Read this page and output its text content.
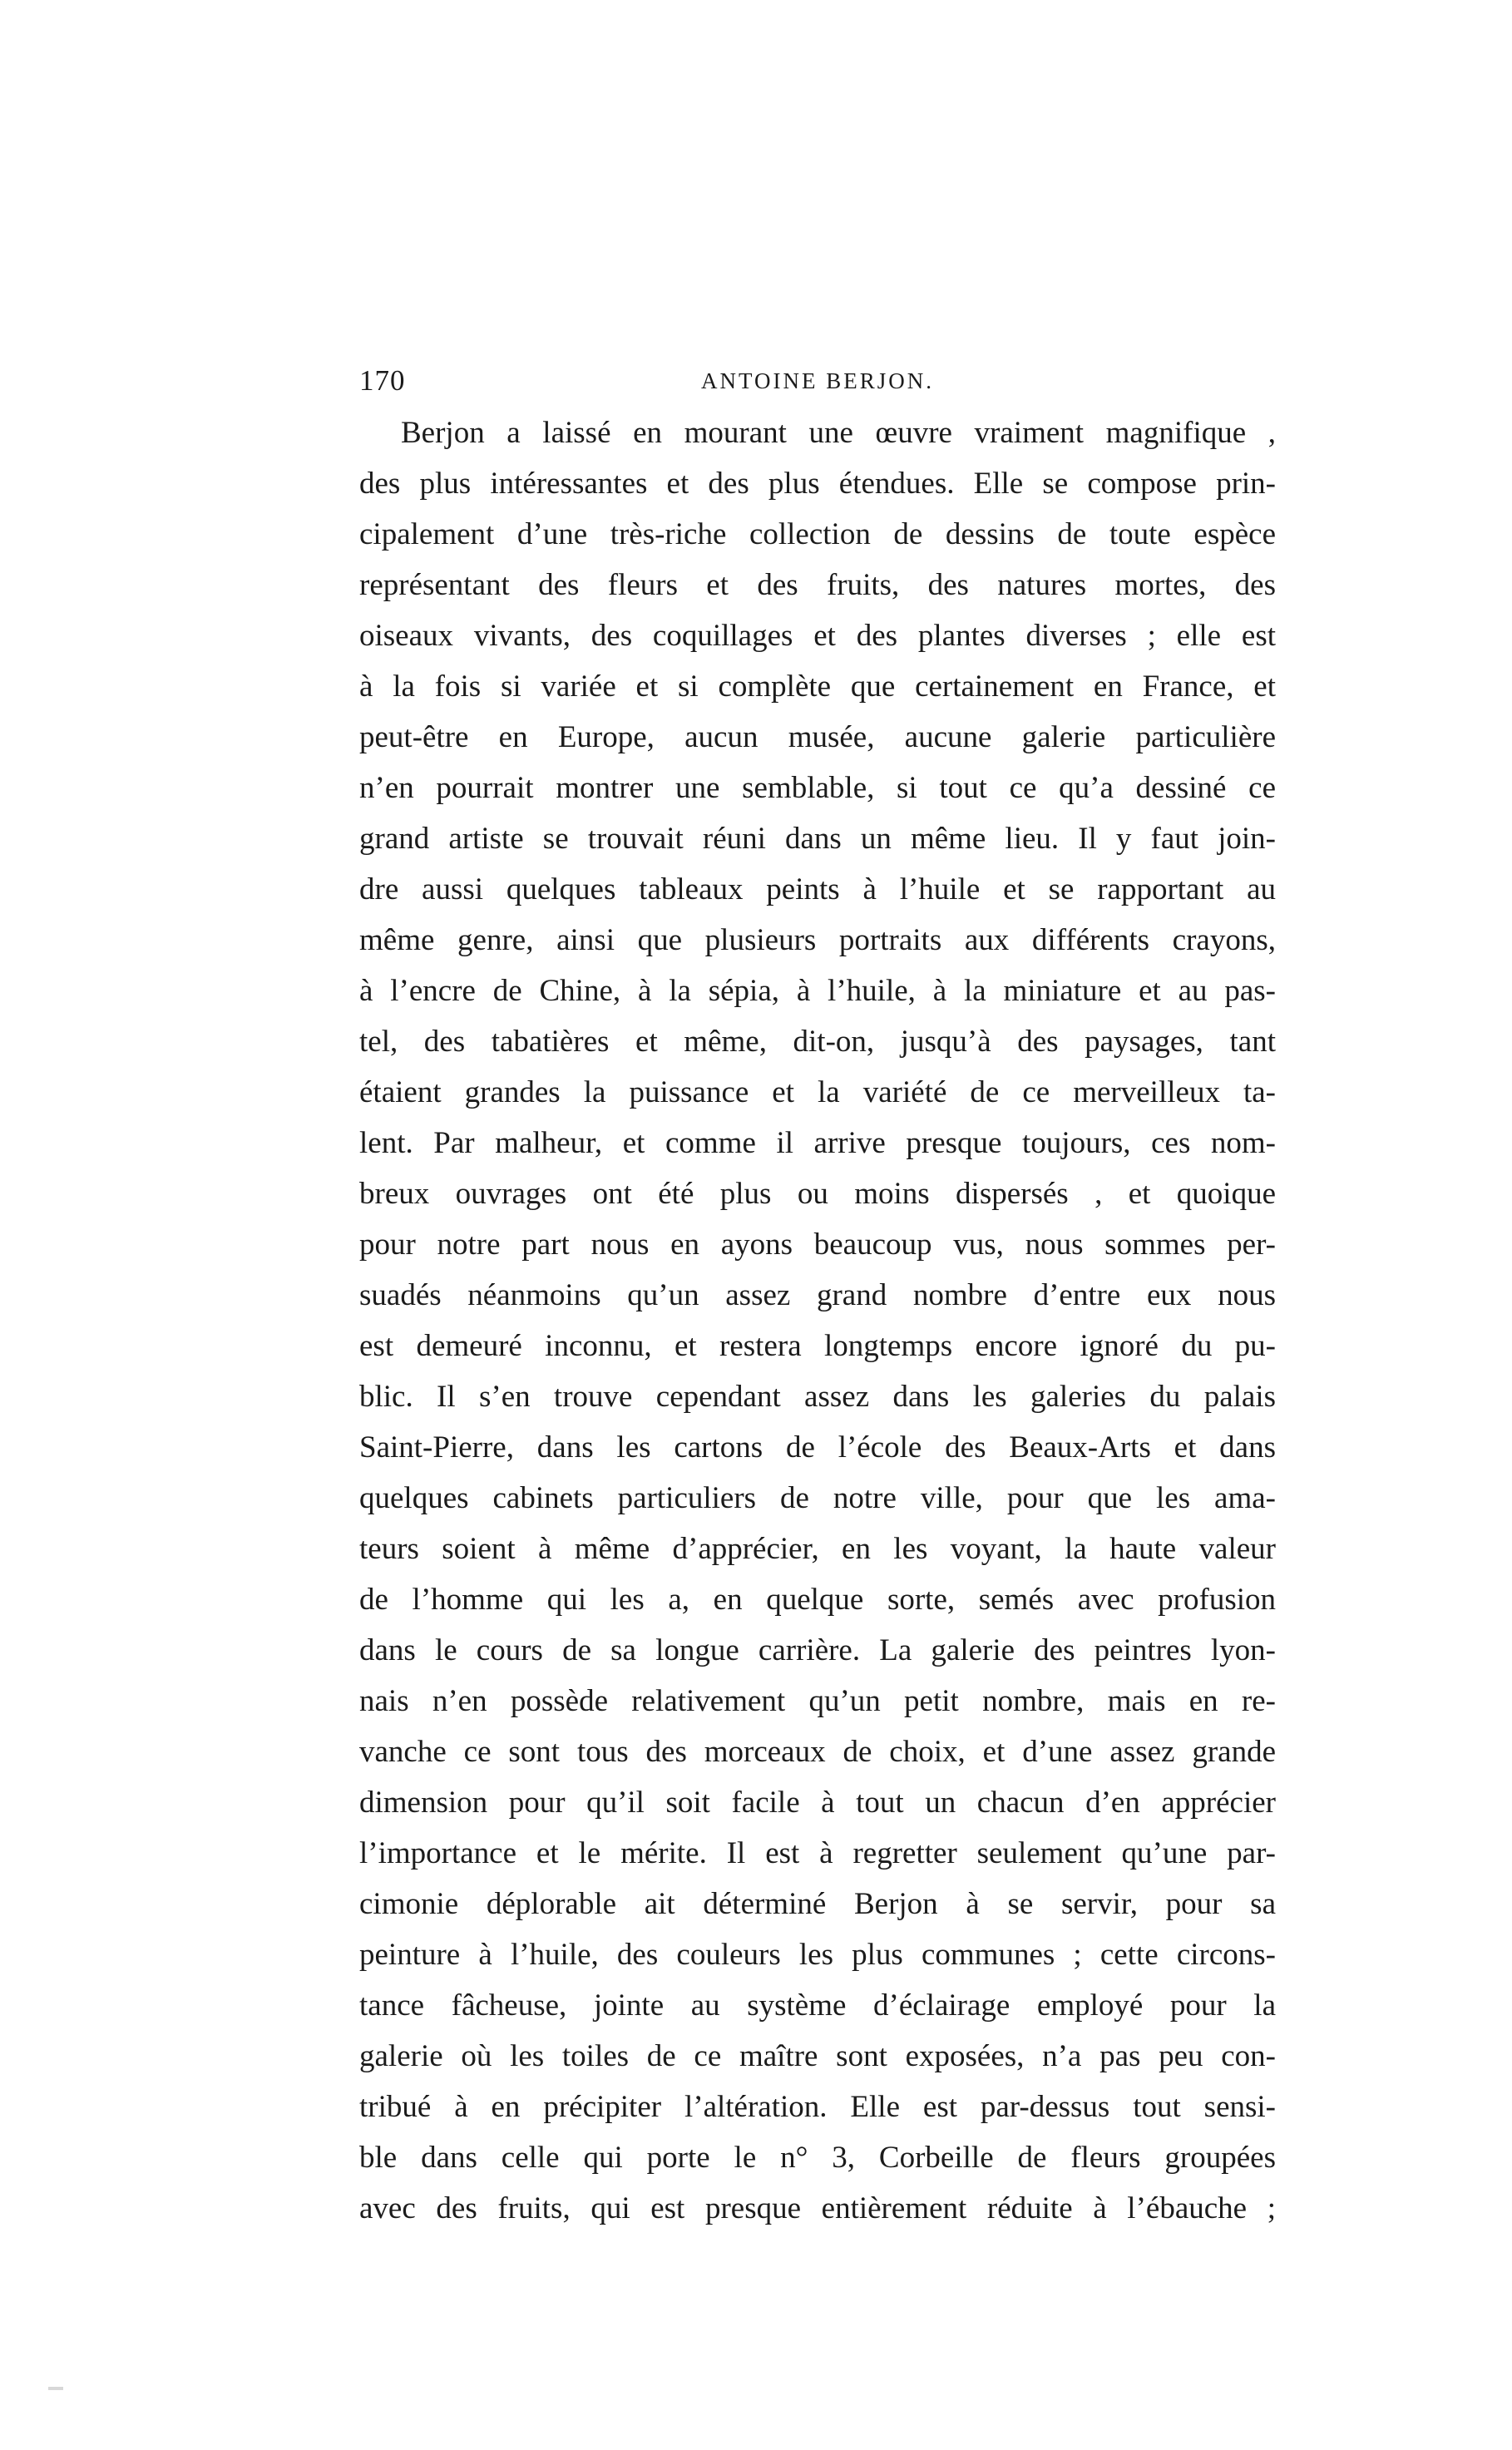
170	ANTOINE BERJON.
Berjon a laissé en mourant une œuvre vraiment magnifique ,
des plus intéressantes et des plus étendues. Elle se compose prin-
cipalement d’une très-riche collection de dessins de toute espèce
représentant des fleurs et des fruits, des natures mortes, des
oiseaux vivants, des coquillages et des plantes diverses ; elle est
à la fois si variée et si complète que certainement en France, et
peut-être en Europe, aucun musée, aucune galerie particulière
n’en pourrait montrer une semblable, si tout ce qu’a dessiné ce
grand artiste se trouvait réuni dans un même lieu. Il y faut join-
dre aussi quelques tableaux peints à l’huile et se rapportant au
même genre, ainsi que plusieurs portraits aux différents crayons,
à l’encre de Chine, à la sépia, à l’huile, à la miniature et au pas-
tel, des tabatières et même, dit-on, jusqu’à des paysages, tant
étaient grandes la puissance et la variété de ce merveilleux ta-
lent. Par malheur, et comme il arrive presque toujours, ces nom-
breux ouvrages ont été plus ou moins dispersés , et quoique
pour notre part nous en ayons beaucoup vus, nous sommes per-
suadés néanmoins qu’un assez grand nombre d’entre eux nous
est demeuré inconnu, et restera longtemps encore ignoré du pu-
blic. Il s’en trouve cependant assez dans les galeries du palais
Saint-Pierre, dans les cartons de l’école des Beaux-Arts et dans
quelques cabinets particuliers de notre ville, pour que les ama-
teurs soient à même d’apprécier, en les voyant, la haute valeur
de l’homme qui les a, en quelque sorte, semés avec profusion
dans le cours de sa longue carrière. La galerie des peintres lyon-
nais n’en possède relativement qu’un petit nombre, mais en re-
vanche ce sont tous des morceaux de choix, et d’une assez grande
dimension pour qu’il soit facile à tout un chacun d’en apprécier
l’importance et le mérite. Il est à regretter seulement qu’une par-
cimonie déplorable ait déterminé Berjon à se servir, pour sa
peinture à l’huile, des couleurs les plus communes ; cette circons-
tance fâcheuse, jointe au système d’éclairage employé pour la
galerie où les toiles de ce maître sont exposées, n’a pas peu con-
tribué à en précipiter l’altération. Elle est par-dessus tout sensi-
ble dans celle qui porte le n° 3, Corbeille de fleurs groupées
avec des fruits, qui est presque entièrement réduite à l’ébauche ;
